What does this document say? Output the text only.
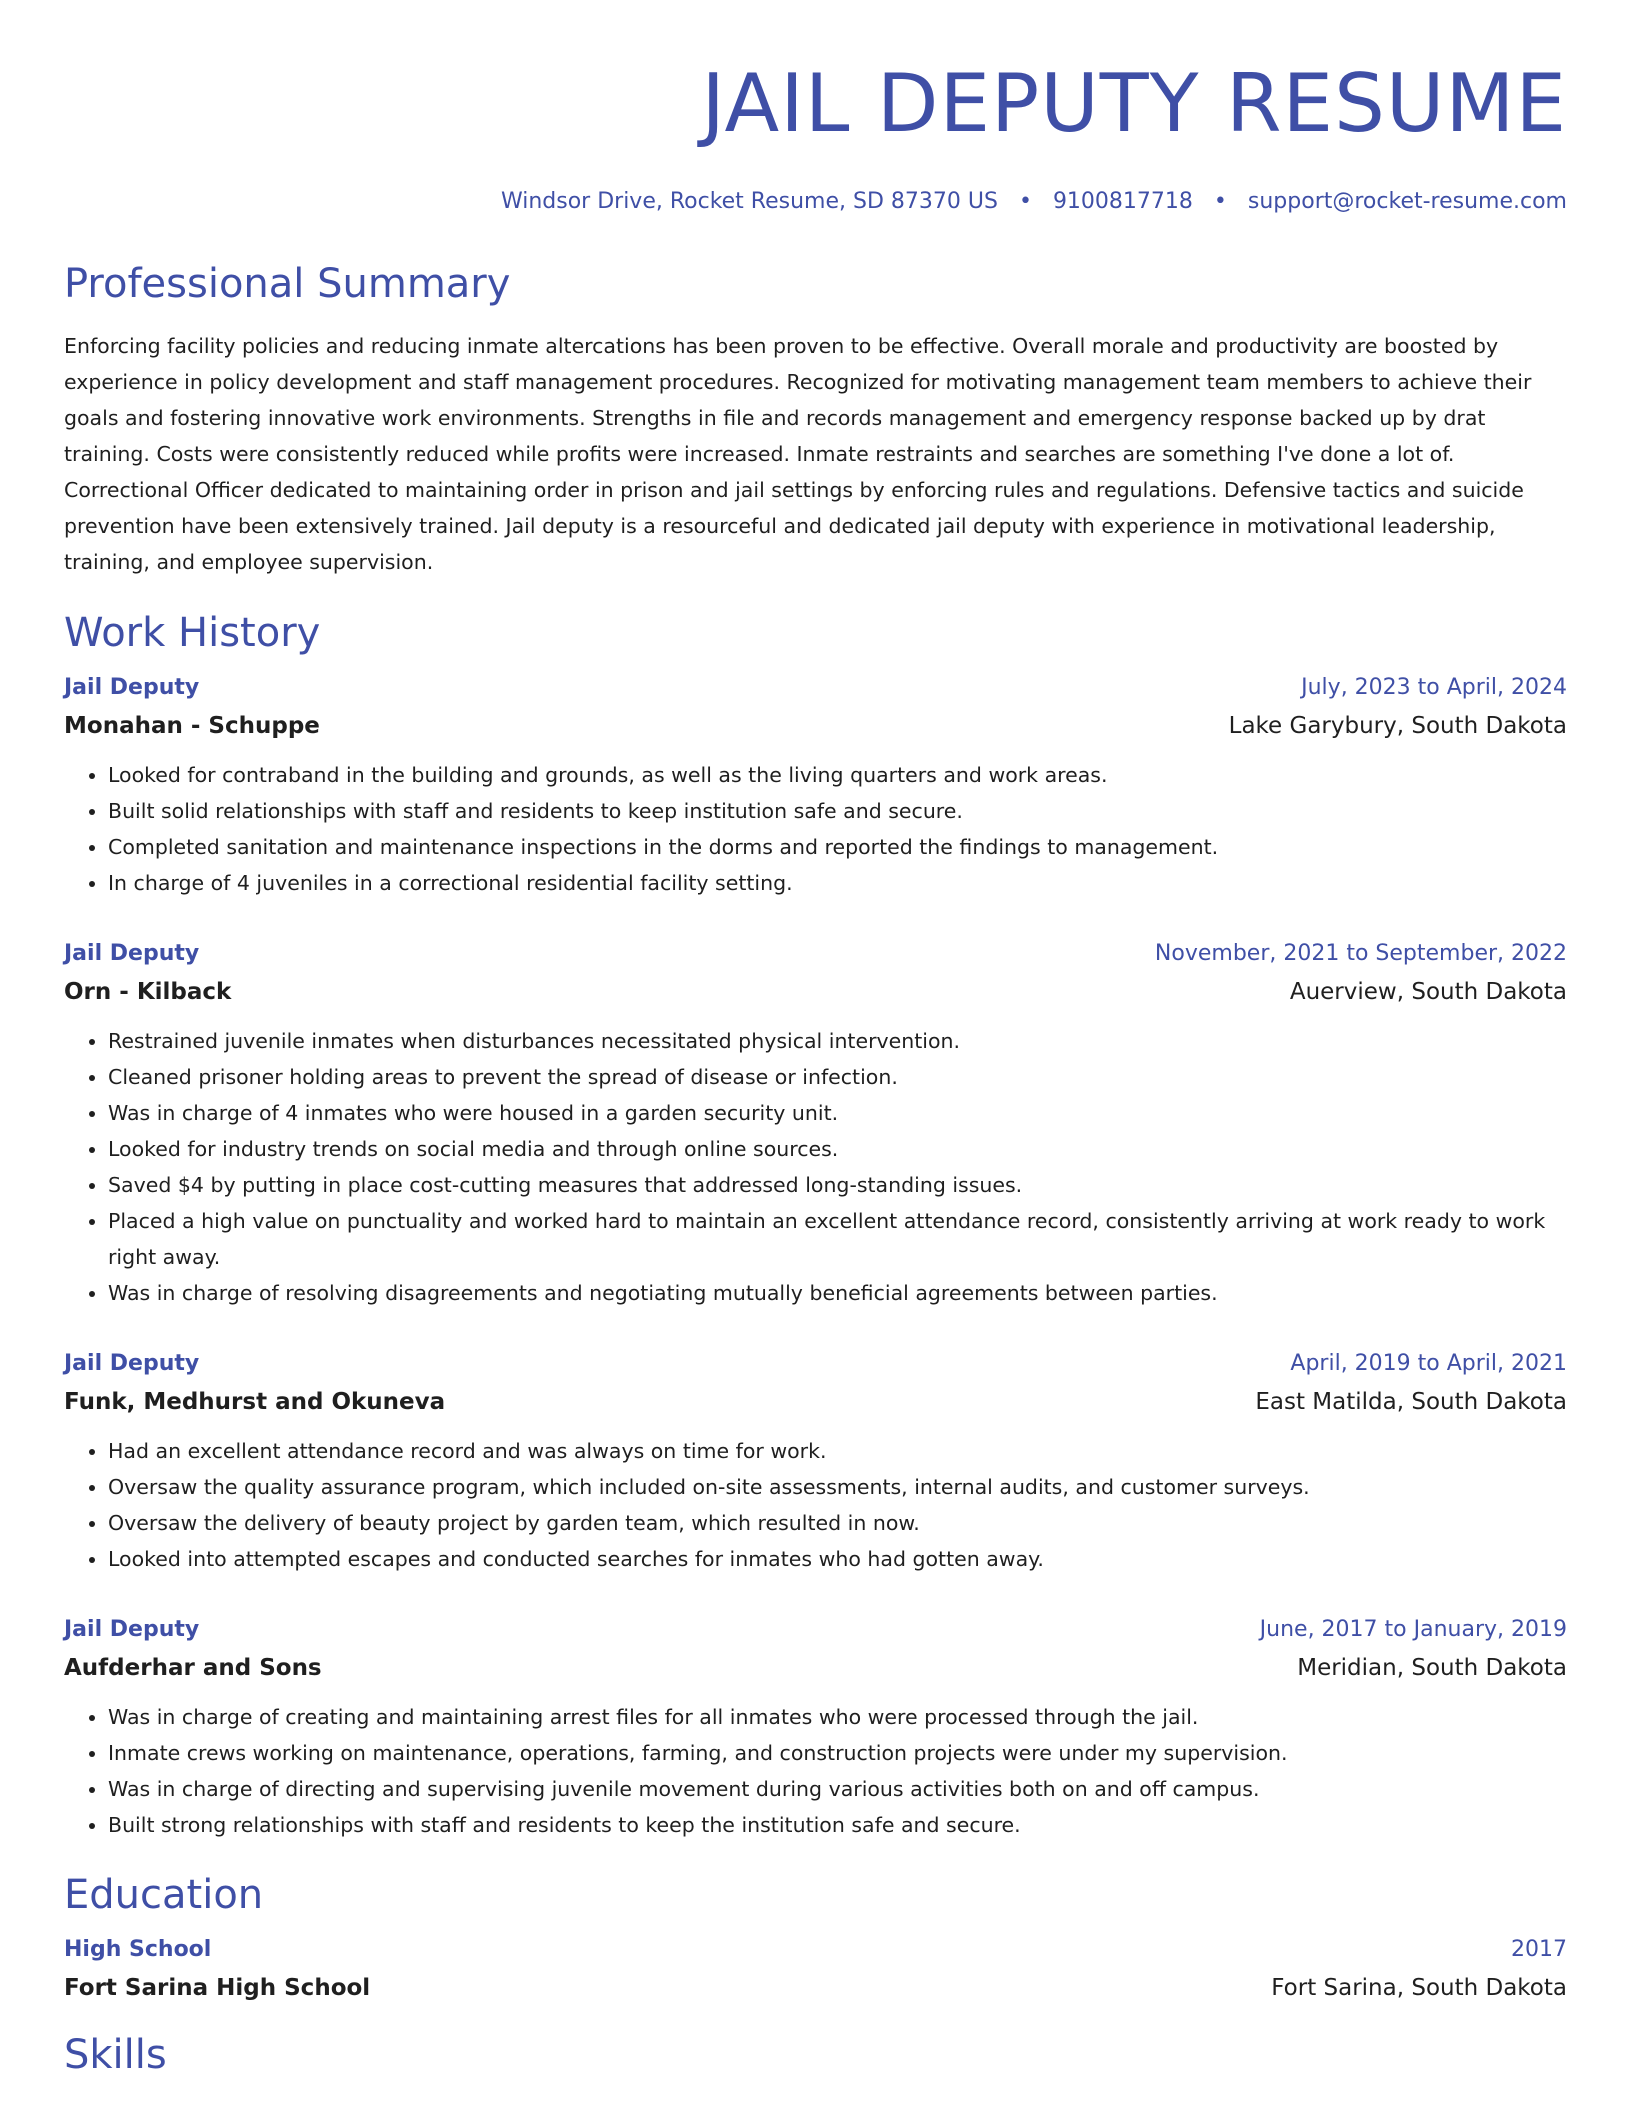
JAIL DEPUTY RESUME
Windsor Drive, Rocket Resume, SD 87370 US • 9100817718 • support@rocket-resume.com
Professional Summary
Enforcing facility policies and reducing inmate altercations has been proven to be effective. Overall morale and productivity are boosted by experience in policy development and staff management procedures. Recognized for motivating management team members to achieve their goals and fostering innovative work environments. Strengths in file and records management and emergency response backed up by drat training. Costs were consistently reduced while profits were increased. Inmate restraints and searches are something I've done a lot of. Correctional Officer dedicated to maintaining order in prison and jail settings by enforcing rules and regulations. Defensive tactics and suicide prevention have been extensively trained. Jail deputy is a resourceful and dedicated jail deputy with experience in motivational leadership, training, and employee supervision.
Work History
Jail Deputy	July, 2023 to April, 2024
Monahan - Schuppe	Lake Garybury, South Dakota
• Looked for contraband in the building and grounds, as well as the living quarters and work areas.
• Built solid relationships with staff and residents to keep institution safe and secure.
• Completed sanitation and maintenance inspections in the dorms and reported the findings to management.
• In charge of 4 juveniles in a correctional residential facility setting.
Jail Deputy	November, 2021 to September, 2022
Orn - Kilback	Auerview, South Dakota
• Restrained juvenile inmates when disturbances necessitated physical intervention.
• Cleaned prisoner holding areas to prevent the spread of disease or infection.
• Was in charge of 4 inmates who were housed in a garden security unit.
• Looked for industry trends on social media and through online sources.
• Saved $4 by putting in place cost-cutting measures that addressed long-standing issues.
• Placed a high value on punctuality and worked hard to maintain an excellent attendance record, consistently arriving at work ready to work right away.
• Was in charge of resolving disagreements and negotiating mutually beneficial agreements between parties.
Jail Deputy	April, 2019 to April, 2021
Funk, Medhurst and Okuneva	East Matilda, South Dakota
• Had an excellent attendance record and was always on time for work.
• Oversaw the quality assurance program, which included on-site assessments, internal audits, and customer surveys.
• Oversaw the delivery of beauty project by garden team, which resulted in now.
• Looked into attempted escapes and conducted searches for inmates who had gotten away.
Jail Deputy	June, 2017 to January, 2019
Aufderhar and Sons	Meridian, South Dakota
• Was in charge of creating and maintaining arrest files for all inmates who were processed through the jail.
• Inmate crews working on maintenance, operations, farming, and construction projects were under my supervision.
• Was in charge of directing and supervising juvenile movement during various activities both on and off campus.
• Built strong relationships with staff and residents to keep the institution safe and secure.
Education
High School	2017
Fort Sarina High School	Fort Sarina, South Dakota
Skills
